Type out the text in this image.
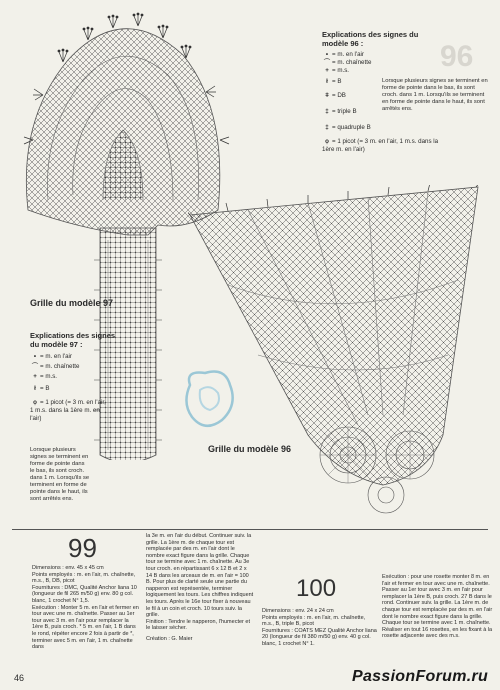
96
Explications des signes du modèle 96 :
• = m. en l'air
⌒ = m. chaînette
+ = m.s.
ł = B
ǂ = DB
‡ = triple B
‡ = quadruple B
ọ = 1 picot (= 3 m. en l'air, 1 m.s. dans la 1ère m. en l'air)
Lorsque plusieurs signes se terminent en forme de pointe dans le bas, ils sont croch. dans 1 m. Lorsqu'ils se terminent en forme de pointe dans le haut, ils sont arrêtés ens.
Grille du modèle 97
Grille du modèle 96
Explications des signes du modèle 97 :
• = m. en l'air
⌒ = m. chaînette
+ = m.s.
ł = B
ọ = 1 picot (= 3 m. en l'air, 1 m.s. dans la 1ère m. en l'air)
Lorsque plusieurs signes se terminent en forme de pointe dans le bas, ils sont croch. dans 1 m. Lorsqu'ils se terminent en forme de pointe dans le haut, ils sont arrêtés ens.
99
Dimensions : env. 45 x 45 cm
Points employés : m. en l'air, m. chaînette, m.s., B, DB, picot
Fournitures : DMC, Qualité Anchor liana 10 (longueur de fil 265 m/50 g) env. 80 g col. blanc, 1 crochet N° 1,5.
Exécution : Monter 5 m. en l'air et fermer en tour avec une m. chaînette. Passer au 1er tour avec 3 m. en l'air pour remplacer la 1ère B, puis croch. * 5 m. en l'air, 1 B dans le rond, répéter encore 2 fois à partir de *, terminer avec 5 m. en l'air, 1 m. chaînette dans
la 3e m. en l'air du début. Continuer suiv. la grille. La 1ère m. de chaque tour est remplacée par des m. en l'air dont le nombre exact figure dans la grille. Chaque tour se termine avec 1 m. chaînette. Au 3e tour croch. en répartissant 6 x 12 B et 2 x 14 B dans les arceaux de m. en l'air = 100 B. Pour plus de clarté seule une partie du napperon est représentée, terminer logiquement les tours. Les chiffres indiquent les tours. Après le 16e tour fixer à nouveau le fil à un coin et croch. 10 tours suiv. la grille.
Finition : Tendre le napperon, l'humecter et le laisser sécher.
Création : G. Maier
100
Dimensions : env. 24 x 24 cm
Points employés : m. en l'air, m. chaînette, m.s., B, triple B, picot
Fournitures : COATS MEZ Qualité Anchor liana 20 (longueur de fil 380 m/50 g) env. 40 g col. blanc, 1 crochet N° 1.
Exécution : pour une rosette monter 8 m. en l'air et fermer en tour avec une m. chaînette. Passer au 1er tour avec 3 m. en l'air pour remplacer la 1ère B, puis croch. 27 B dans le rond. Continuer suiv. la grille. La 1ère m. de chaque tour est remplacée par des m. en l'air dont le nombre exact figure dans la grille. Chaque tour se termine avec 1 m. chaînette. Réaliser en tout 16 rosettes, en les fixant à la rosette adjacente avec des m.s.
46	PassionForum.ru
